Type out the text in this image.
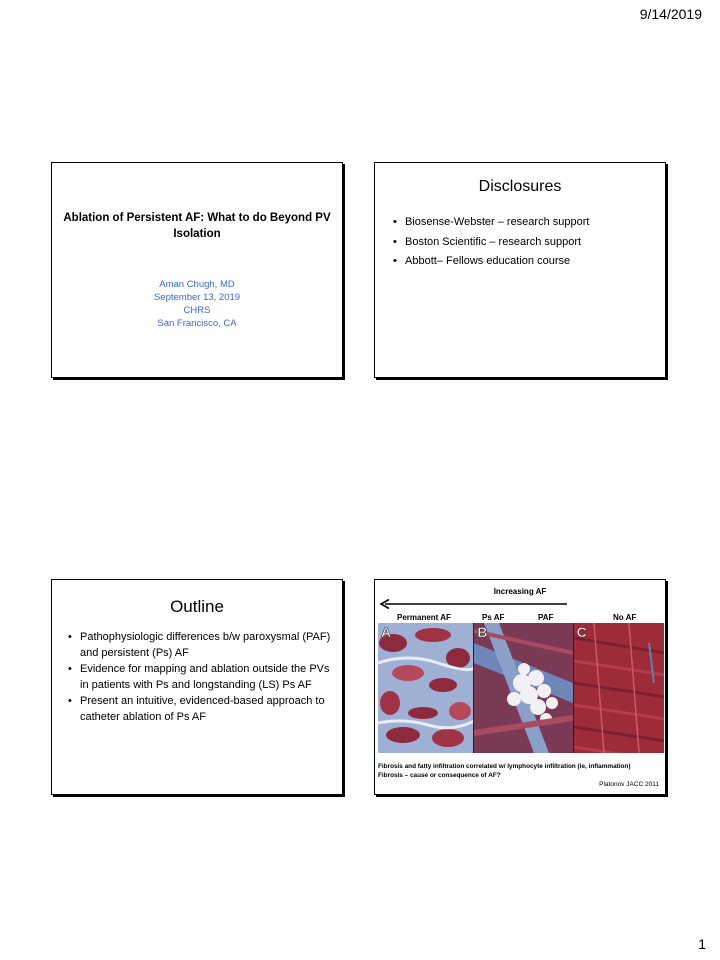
9/14/2019
Ablation of Persistent AF: What to do Beyond PV Isolation
Aman Chugh, MD
September 13, 2019
CHRS
San Francisco, CA
Disclosures
• Biosense-Webster – research support
• Boston Scientific – research support
• Abbott– Fellows education course
Outline
• Pathophysiologic differences b/w paroxysmal (PAF) and persistent (Ps) AF
• Evidence for mapping and ablation outside the PVs in patients with Ps and longstanding (LS) Ps AF
• Present an intuitive, evidenced-based approach to catheter ablation of Ps AF
Increasing AF
Permanent AF	Ps AF	PAF	No AF
A	B	C
Fibrosis and fatty infiltration correlated w/ lymphocyte infiltration (ie, inflammation)
Fibrosis – cause or consequence of AF?
Platonov JACC 2011
1
